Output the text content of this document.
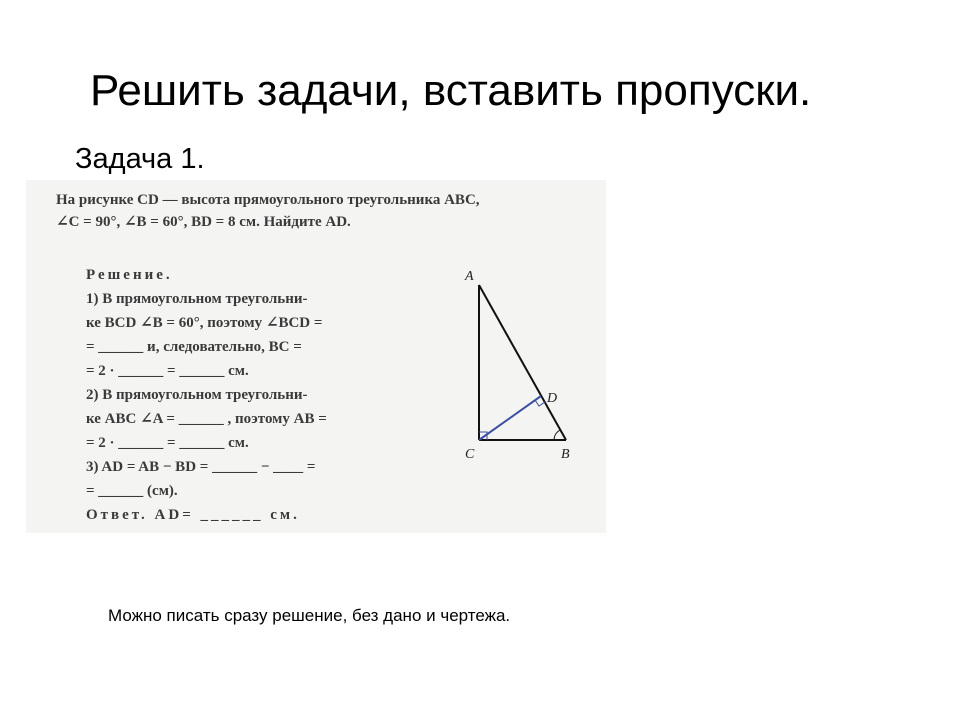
Решить задачи, вставить пропуски.
Задача 1.
На рисунке CD — высота прямоугольного треугольника ABC,
∠C = 90°, ∠B = 60°, BD = 8 см. Найдите AD.
Решение.
1) В прямоугольном треугольни-
ке BCD ∠B = 60°, поэтому ∠BCD =
= ______ и, следовательно, BC =
= 2 · ______ = ______ см.
2) В прямоугольном треугольни-
ке ABC ∠A = ______ , поэтому AB =
= 2 · ______ = ______ см.
3) AD = AB − BD = ______ − ____ =
= ______ (см).
Ответ. AD= ______ см.
A
C	B
D
Можно писать сразу решение, без дано и чертежа.
